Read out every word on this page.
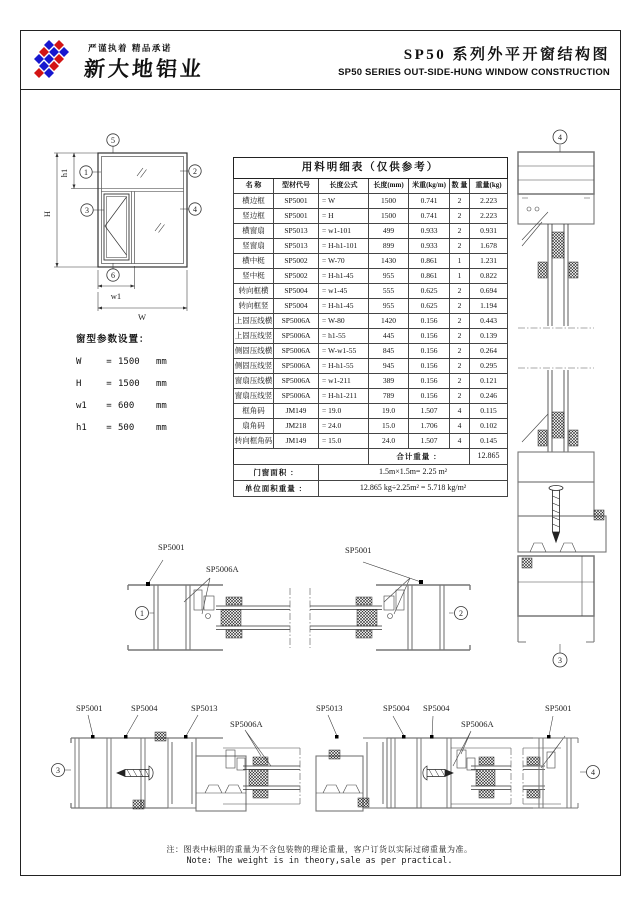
严谨执着 精品承诺
新大地铝业
SP50 系列外平开窗结构图
SP50 SERIES OUT-SIDE-HUNG WINDOW CONSTRUCTION
H
h1
w1
W
5
1	2
3	4
6
窗型参数设置：
W	= 1500 mm
H	= 1500 mm
w1 = 600 mm
h1 = 500 mm
用料明细表（仅供参考）						
名 称	型材代号	长度公式	长度(mm)	米重(kg/m)	数 量	重量(kg)
横边框	SP5001	= W	1500	0.741	2	2.223
竖边框	SP5001	= H	1500	0.741	2	2.223
横窗扇	SP5013	= w1-101	499	0.933	2	0.931
竖窗扇	SP5013	= H-h1-101	899	0.933	2	1.678
横中梃	SP5002	= W-70	1430	0.861	1	1.231
竖中梃	SP5002	= H-h1-45	955	0.861	1	0.822
转向框横	SP5004	= w1-45	555	0.625	2	0.694
转向框竖	SP5004	= H-h1-45	955	0.625	2	1.194
上固压线横	SP5006A	= W-80	1420	0.156	2	0.443
上固压线竖	SP5006A	= h1-55	445	0.156	2	0.139
侧固压线横	SP5006A	= W-w1-55	845	0.156	2	0.264
侧固压线竖	SP5006A	= H-h1-55	945	0.156	2	0.295
窗扇压线横	SP5006A	= w1-211	389	0.156	2	0.121
窗扇压线竖	SP5006A	= H-h1-211	789	0.156	2	0.246
框角码	JM149	= 19.0	19.0	1.507	4	0.115
扇角码	JM218	= 24.0	15.0	1.706	4	0.102
转向框角码	JM149	= 15.0	24.0	1.507	4	0.145
			合计重量 ：			12.865
门窗面积 ：		1.5m×1.5m= 2.25 m²				
单位面积重量 ：		12.865 kg÷2.25m² = 5.718 kg/m²				
4
3
SP5001
SP5006A
SP5001
1	2
SP5001	SP5004	SP5013
SP5006A
SP5013	SP5004 SP5004
SP5006A
SP5001
3	4
注：图表中标明的重量为不含包装物的理论重量，客户订货以实际过磅重量为准。
Note: The weight is in theory,sale as per practical.
